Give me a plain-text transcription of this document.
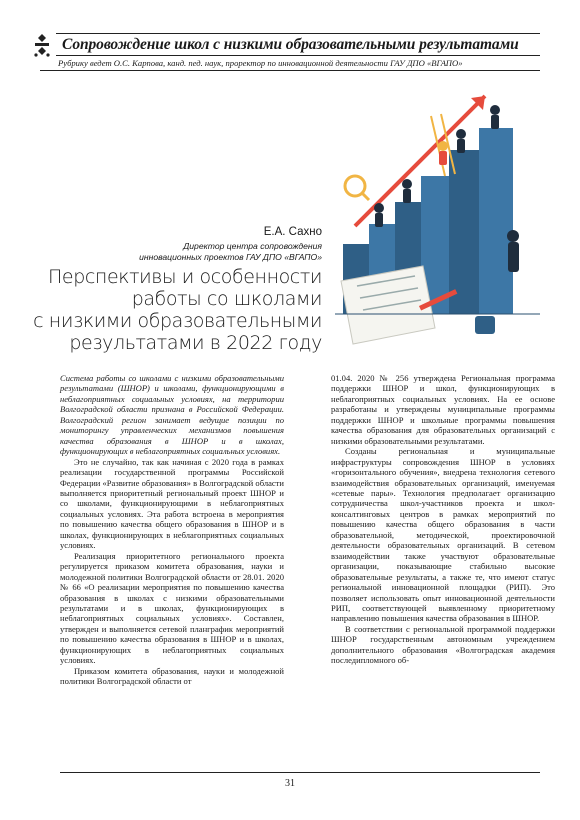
Сопровождение школ с низкими образовательными результатами
Рубрику ведет О.С. Карпова, канд. пед. наук, проректор по инновационной деятельности ГАУ ДПО «ВГАПО»
Е.А. Сахно
Директор центра сопровождения
инновационных проектов ГАУ ДПО «ВГАПО»
Перспективы и особенности
работы со школами
с низкими образовательными
результатами в 2022 году

Система работы со школами с низкими образовательными результатами (ШНОР) и школами, функционирующими в неблагоприятных социальных условиях, на территории Волгоградской области признана в Российской Федерации. Волгоградский регион занимает ведущие позиции по мониторингу управленческих механизмов повышения качества образования в ШНОР и в школах, функционирующих в неблагоприятных социальных условиях.

Это не случайно, так как начиная с 2020 года в рамках реализации государственной программы Российской Федерации «Развитие образования» в Волгоградской области выполняется приоритетный региональный проект ШНОР и со школами, функционирующими в неблагоприятных социальных условиях. Эта работа встроена в мероприятия по повышению качества общего образования в ШНОР и в школах, функционирующих в неблагоприятных социальных условиях.

Реализация приоритетного регионального проекта регулируется приказом комитета образования, науки и молодежной политики Волгоградской области от 28.01. 2020 № 66 «О реализации мероприятия по повышению качества образования в школах с низкими образовательными результатами и в школах, функционирующих в неблагоприятных социальных условиях». Составлен, утвержден и выполняется сетевой планграфик мероприятий по повышению качества образования в ШНОР и в школах, функционирующих в неблагоприятных социальных условиях.

Приказом комитета образования, науки и молодежной политики Волгоградской области от

01.04. 2020 № 256 утверждена Региональная программа поддержки ШНОР и школ, функционирующих в неблагоприятных социальных условиях. На ее основе разработаны и утверждены муниципальные программы поддержки ШНОР и школьные программы повышения качества образования для образовательных организаций с низкими образовательными результатами.

Созданы региональная и муниципальные инфраструктуры сопровождения ШНОР в условиях «горизонтального обучения», внедрена технология сетевого взаимодействия образовательных организаций, именуемая «сетевые пары». Технология предполагает организацию сотрудничества школ-участников проекта и школ-консалтинговых центров в рамках мероприятий по повышению качества общего образования в части образовательной, методической, проектировочной деятельности образовательных организаций. В сетевом взаимодействии также участвуют образовательные организации, показывающие стабильно высокие образовательные результаты, а также те, что имеют статус региональной инновационной площадки (РИП). Это позволяет использовать опыт инновационной деятельности РИП, соответствующей выявленному приоритетному направлению повышения качества образования в ШНОР.

В соответствии с региональной программой поддержки ШНОР государственным автономным учреждением дополнительного образования «Волгоградская академия последипломного об-

31
